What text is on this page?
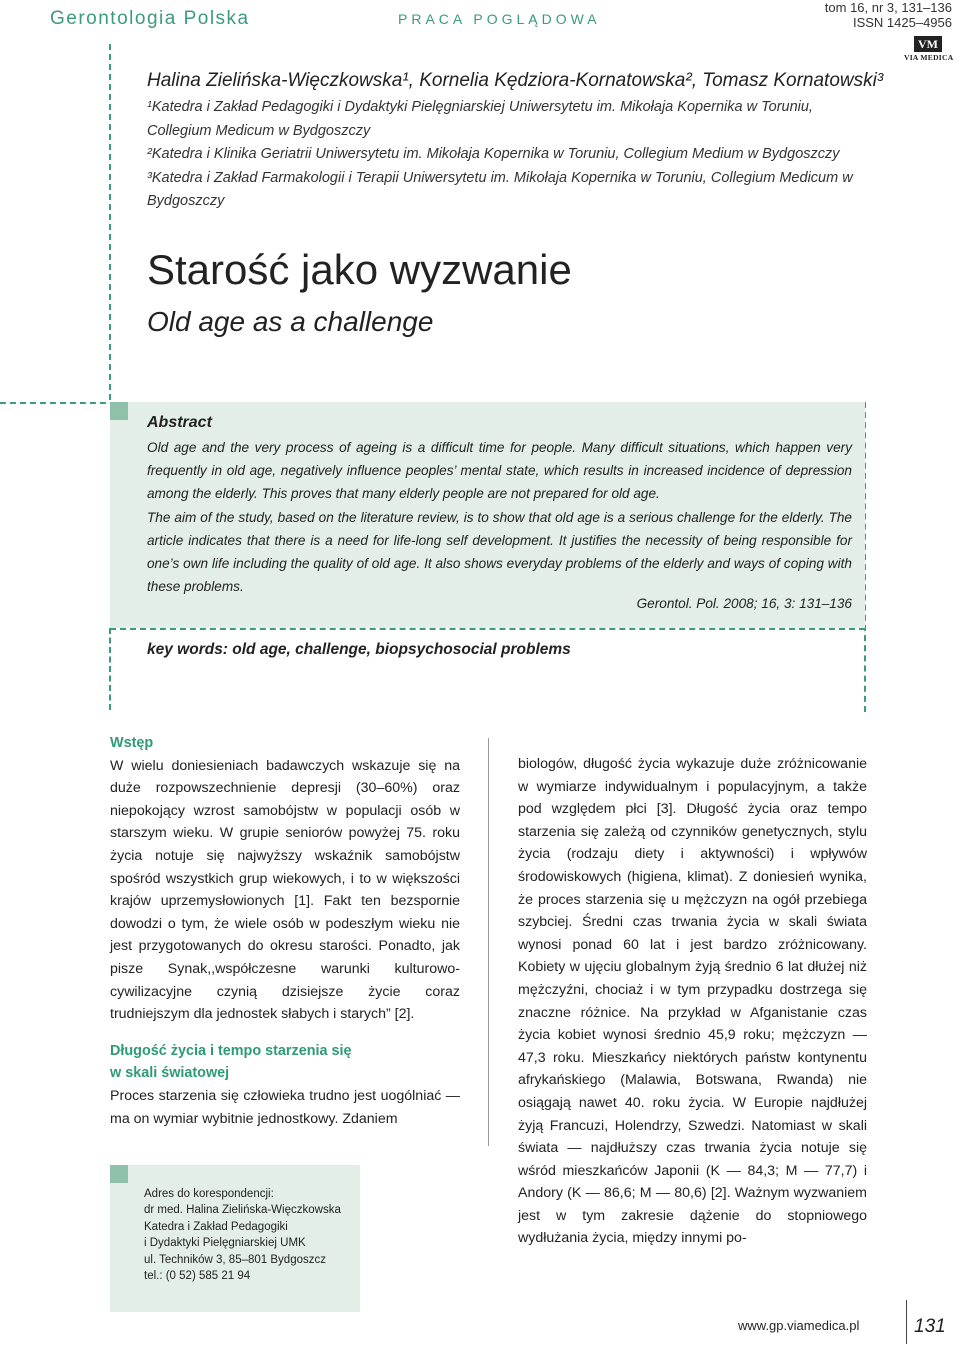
Gerontologia Polska	PRACA POGLĄDOWA
tom 16, nr 3, 131–136
ISSN 1425–4956
VM
VIA MEDICA
Halina Zielińska-Więczkowska¹, Kornelia Kędziora-Kornatowska², Tomasz Kornatowski³
¹Katedra i Zakład Pedagogiki i Dydaktyki Pielęgniarskiej Uniwersytetu im. Mikołaja Kopernika w Toruniu, Collegium Medicum w Bydgoszczy
²Katedra i Klinika Geriatrii Uniwersytetu im. Mikołaja Kopernika w Toruniu, Collegium Medium w Bydgoszczy
³Katedra i Zakład Farmakologii i Terapii Uniwersytetu im. Mikołaja Kopernika w Toruniu, Collegium Medicum w Bydgoszczy
Starość jako wyzwanie
Old age as a challenge
Abstract

Old age and the very process of ageing is a difficult time for people. Many difficult situations, which happen very frequently in old age, negatively influence peoples’ mental state, which results in increased incidence of depression among the elderly. This proves that many elderly people are not prepared for old age.

The aim of the study, based on the literature review, is to show that old age is a serious challenge for the elderly. The article indicates that there is a need for life-long self development. It justifies the necessity of being responsible for one’s own life including the quality of old age. It also shows everyday problems of the elderly and ways of coping with these problems.

Gerontol. Pol. 2008; 16, 3: 131–136
key words: old age, challenge, biopsychosocial problems
Wstęp

W wielu doniesieniach badawczych wskazuje się na duże rozpowszechnienie depresji (30–60%) oraz niepokojący wzrost samobójstw w populacji osób w starszym wieku. W grupie seniorów powyżej 75. roku życia notuje się najwyższy wskaźnik samobójstw spośród wszystkich grup wiekowych, i to w większości krajów uprzemysłowionych [1]. Fakt ten bezspornie dowodzi o tym, że wiele osób w podeszłym wieku nie jest przygotowanych do okresu starości. Ponadto, jak pisze Synak,,współczesne warunki kulturowo-cywilizacyjne czynią dzisiejsze życie coraz trudniejszym dla jednostek słabych i starych” [2].

Długość życia i tempo starzenia się
w skali światowej

Proces starzenia się człowieka trudno jest uogólniać — ma on wymiar wybitnie jednostkowy. Zdaniem

biologów, długość życia wykazuje duże zróżnicowanie w wymiarze indywidualnym i populacyjnym, a także pod względem płci [3]. Długość życia oraz tempo starzenia się zależą od czynników genetycznych, stylu życia (rodzaju diety i aktywności) i wpływów środowiskowych (higiena, klimat). Z doniesień wynika, że proces starzenia się u mężczyzn na ogół przebiega szybciej. Średni czas trwania życia w skali świata wynosi ponad 60 lat i jest bardzo zróżnicowany. Kobiety w ujęciu globalnym żyją średnio 6 lat dłużej niż mężczyźni, chociaż i w tym przypadku dostrzega się znaczne różnice. Na przykład w Afganistanie czas życia kobiet wynosi średnio 45,9 roku; mężczyzn — 47,3 roku. Mieszkańcy niektórych państw kontynentu afrykańskiego (Malawia, Botswana, Rwanda) nie osiągają nawet 40. roku życia. W Europie najdłużej żyją Francuzi, Holendrzy, Szwedzi. Natomiast w skali świata — najdłuższy czas trwania życia notuje się wśród mieszkańców Japonii (K — 84,3; M — 77,7) i Andory (K — 86,6; M — 80,6) [2]. Ważnym wyzwaniem jest w tym zakresie dążenie do stopniowego wydłużania życia, między innymi po-

Adres do korespondencji:
dr med. Halina Zielińska-Więczkowska
Katedra i Zakład Pedagogiki
i Dydaktyki Pielęgniarskiej UMK
ul. Techników 3, 85–801 Bydgoszcz
tel.: (0 52) 585 21 94
www.gp.viamedica.pl	131
